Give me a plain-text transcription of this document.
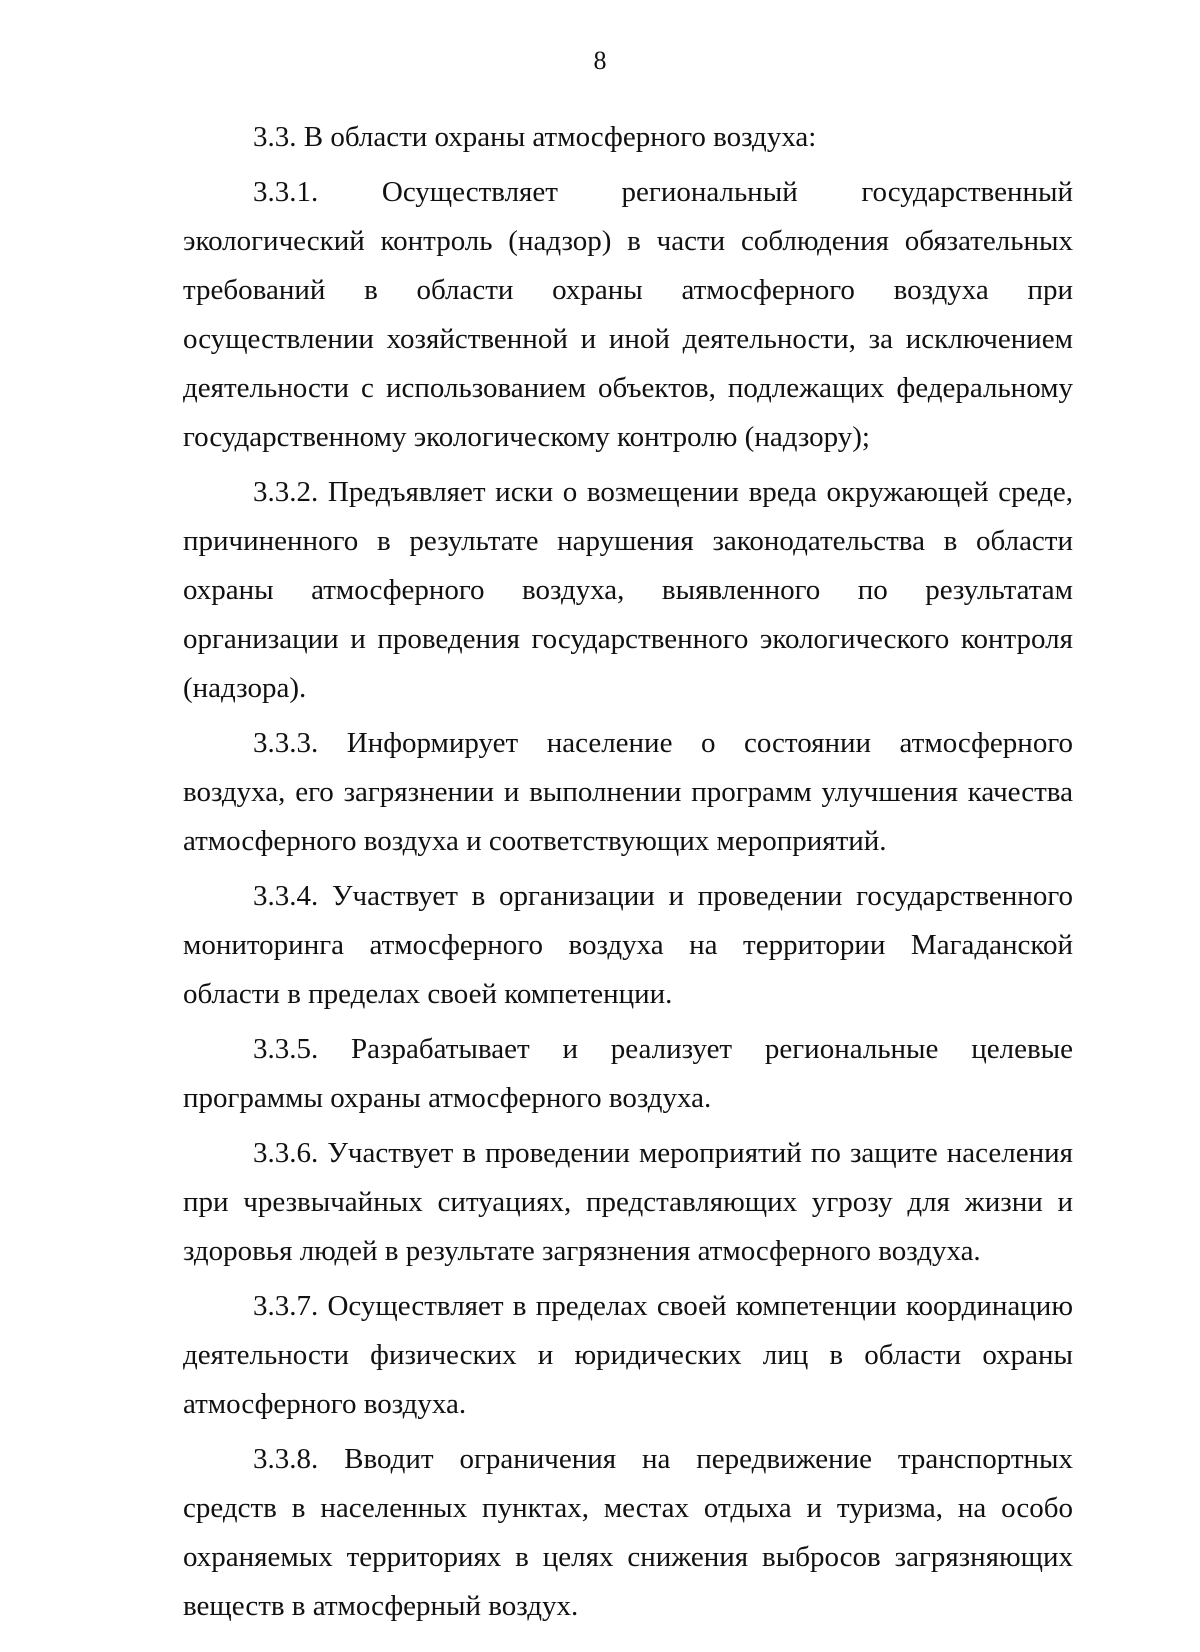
8

3.3. В области охраны атмосферного воздуха:

3.3.1. Осуществляет региональный государственный экологический контроль (надзор) в части соблюдения обязательных требований в области охраны атмосферного воздуха при осуществлении хозяйственной и иной деятельности, за исключением деятельности с использованием объектов, подлежащих федеральному государственному экологическому контролю (надзору);

3.3.2. Предъявляет иски о возмещении вреда окружающей среде, причиненного в результате нарушения законодательства в области охраны атмосферного воздуха, выявленного по результатам организации и проведения государственного экологического контроля (надзора).

3.3.3. Информирует население о состоянии атмосферного воздуха, его загрязнении и выполнении программ улучшения качества атмосферного воздуха и соответствующих мероприятий.

3.3.4. Участвует в организации и проведении государственного мониторинга атмосферного воздуха на территории Магаданской области в пределах своей компетенции.

3.3.5. Разрабатывает и реализует региональные целевые программы охраны атмосферного воздуха.

3.3.6. Участвует в проведении мероприятий по защите населения при чрезвычайных ситуациях, представляющих угрозу для жизни и здоровья людей в результате загрязнения атмосферного воздуха.

3.3.7. Осуществляет в пределах своей компетенции координацию деятельности физических и юридических лиц в области охраны атмосферного воздуха.

3.3.8. Вводит ограничения на передвижение транспортных средств в населенных пунктах, местах отдыха и туризма, на особо охраняемых территориях в целях снижения выбросов загрязняющих веществ в атмосферный воздух.
